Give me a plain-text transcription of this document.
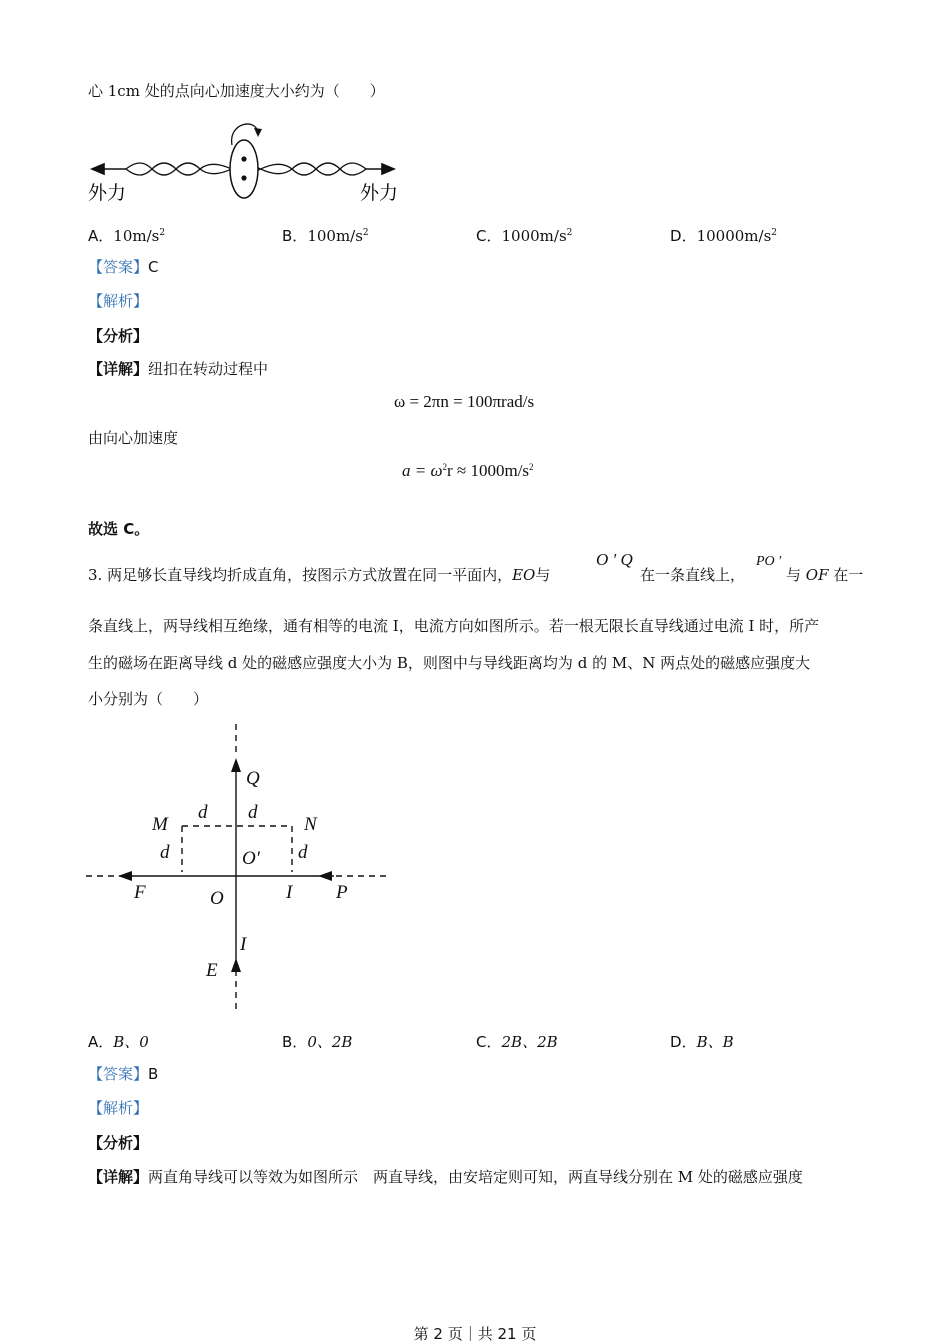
心 1cm 处的点向心加速度大小约为（　　）
外力	外力
A．$10m/s^2$	B．$100m/s^2$	C．$1000m/s^2$	D．$10000m/s^2$
【答案】C
【解析】
【分析】
【详解】纽扣在转动过程中
ω = 2πn = 100πrad/s
由向心加速度
$a = \omega^2r \approx 1000m/s^2$
故选 C。
3. 两足够长直导线均折成直角，按图示方式放置在同一平面内，EO与
O ′ Q
在一条直线上，
PO ′
与 OF 在一
条直线上，两导线相互绝缘，通有相等的电流 I，电流方向如图所示。若一根无限长直导线通过电流 I 时，所产
生的磁场在距离导线 d 处的磁感应强度大小为 B，则图中与导线距离均为 d 的 M、N 两点处的磁感应强度大
小分别为（　　）
Q
d d
M	N
d	d
O′
F	O	I P
I
E
A．B、0	B．0、2B	C．2B、2B	D．B、B
【答案】B
【解析】
【分析】
【详解】两直角导线可以等效为如图所示　两直导线，由安培定则可知，两直导线分别在 M 处的磁感应强度
第 2 页｜共 21 页
